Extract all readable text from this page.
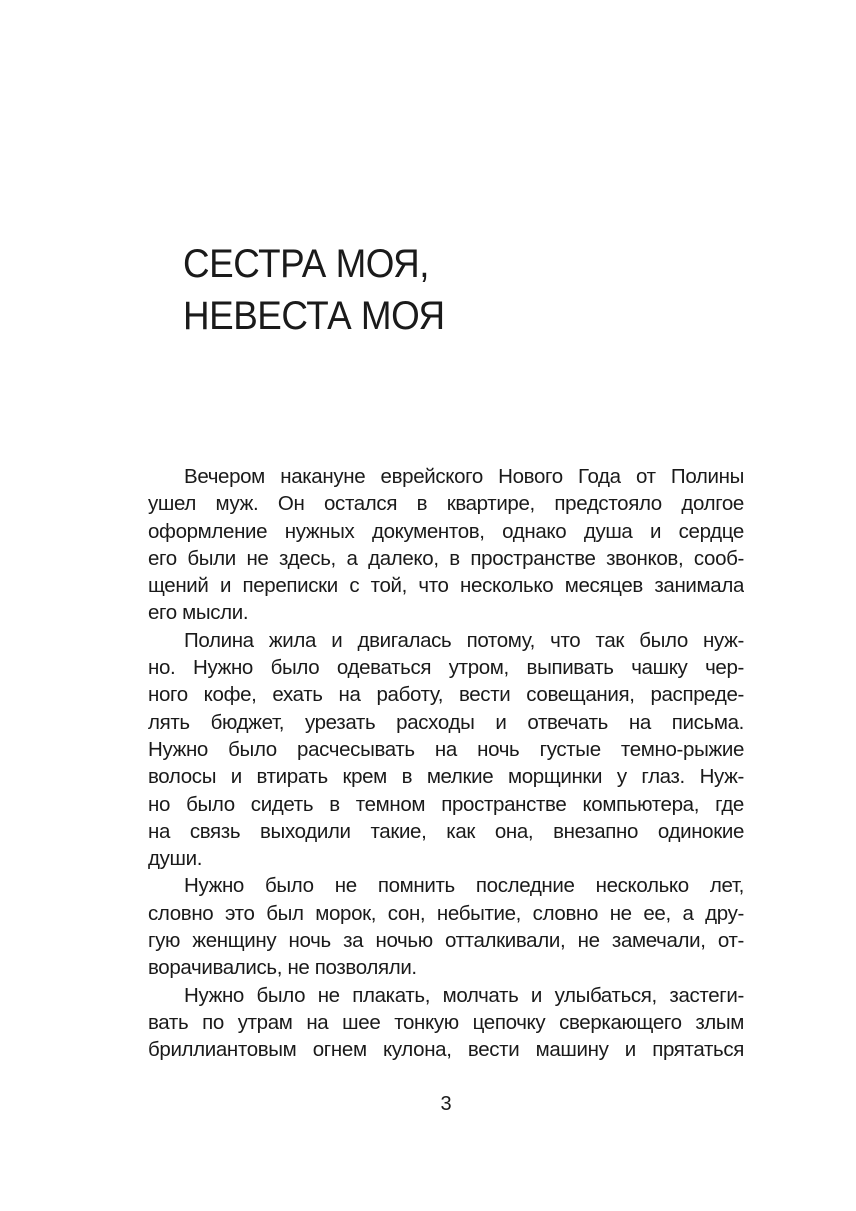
СЕСТРА МОЯ,
НЕВЕСТА МОЯ

Вечером накануне еврейского Нового Года от Полины
ушел муж. Он остался в квартире, предстояло долгое
оформление нужных документов, однако душа и сердце
его были не здесь, а далеко, в пространстве звонков, сооб-
щений и переписки с той, что несколько месяцев занимала
его мысли.

Полина жила и двигалась потому, что так было нуж-
но. Нужно было одеваться утром, выпивать чашку чер-
ного кофе, ехать на работу, вести совещания, распреде-
лять бюджет, урезать расходы и отвечать на письма.
Нужно было расчесывать на ночь густые темно-рыжие
волосы и втирать крем в мелкие морщинки у глаз. Нуж-
но было сидеть в темном пространстве компьютера, где
на связь выходили такие, как она, внезапно одинокие
души.

Нужно было не помнить последние несколько лет,
словно это был морок, сон, небытие, словно не ее, а дру-
гую женщину ночь за ночью отталкивали, не замечали, от-
ворачивались, не позволяли.

Нужно было не плакать, молчать и улыбаться, застеги-
вать по утрам на шее тонкую цепочку сверкающего злым
бриллиантовым огнем кулона, вести машину и прятаться

3
